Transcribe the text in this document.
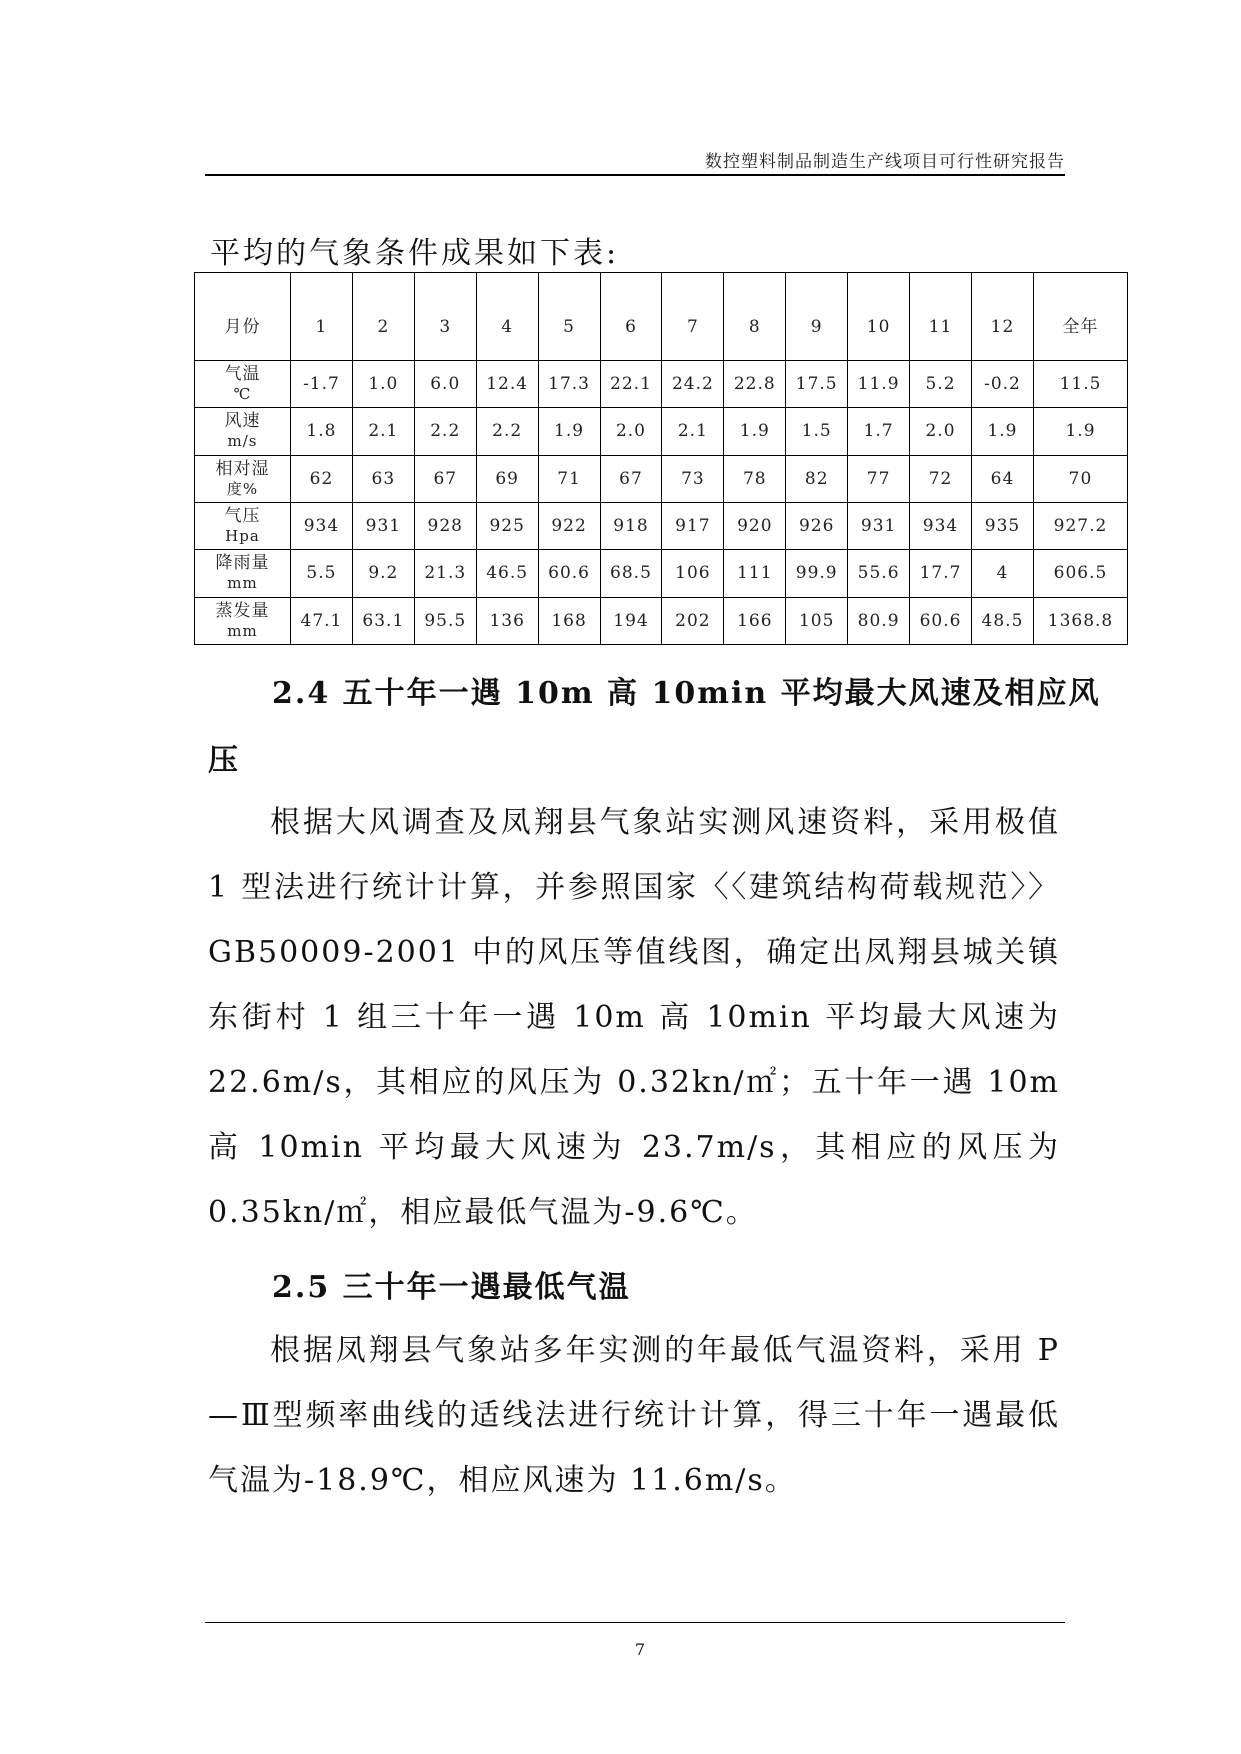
数控塑料制品制造生产线项目可行性研究报告
平均的气象条件成果如下表:
月份	1	2	3	4	5	6	7	8	9	10	11	12	全年

气温
℃	-1.7	1.0	6.0	12.4	17.3	22.1	24.2	22.8	17.5	11.9	5.2	-0.2	11.5

风速
m/s	1.8	2.1	2.2	2.2	1.9	2.0	2.1	1.9	1.5	1.7	2.0	1.9	1.9

相对湿
度%	62	63	67	69	71	67	73	78	82	77	72	64	70

气压
Hpa	934	931	928	925	922	918	917	920	926	931	934	935	927.2

降雨量
mm	5.5	9.2	21.3	46.5	60.6	68.5	106	111	99.9	55.6	17.7	4	606.5

蒸发量
mm	47.1	63.1	95.5	136	168	194	202	166	105	80.9	60.6	48.5	1368.8
2.4 五十年一遇 10m 高 10min 平均最大风速及相应风
压

根据大风调查及凤翔县气象站实测风速资料，采用极值 1 型法进行统计计算，并参照国家〈〈建筑结构荷载规范〉〉 GB50009-2001 中的风压等值线图，确定出凤翔县城关镇东街村 1 组三十年一遇 10m 高 10min 平均最大风速为 22.6m/s，其相应的风压为 0.32kn/㎡；五十年一遇 10m 高 10min 平均最大风速为 23.7m/s，其相应的风压为 0.35kn/㎡，相应最低气温为-9.6℃。

2.5 三十年一遇最低气温

根据凤翔县气象站多年实测的年最低气温资料，采用 P—Ⅲ型频率曲线的适线法进行统计计算，得三十年一遇最低气温为-18.9℃，相应风速为 11.6m/s。

7
